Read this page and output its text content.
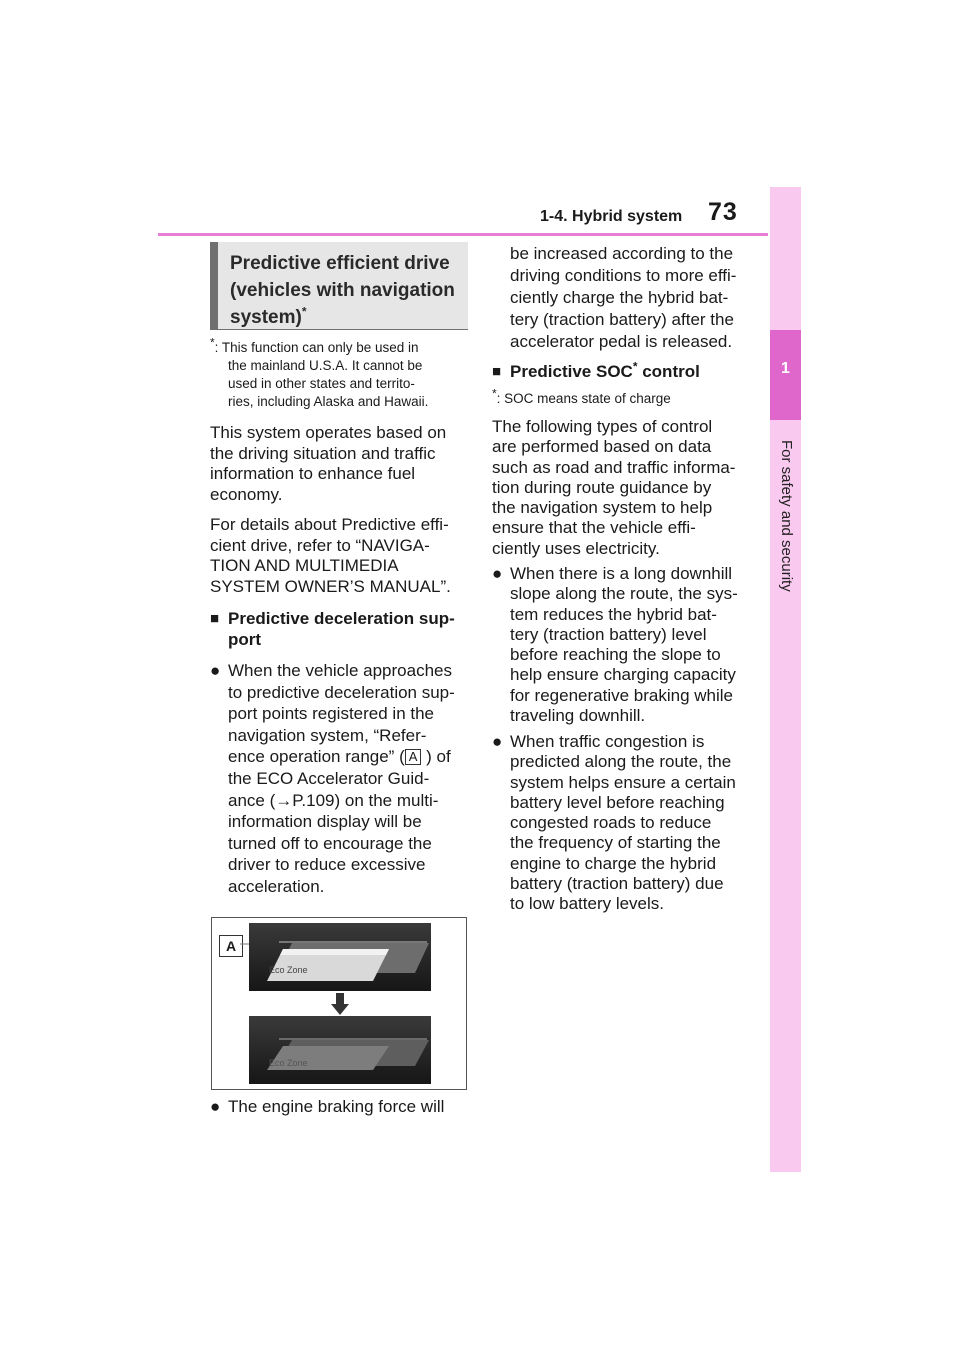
1-4. Hybrid system 73
1
For safety and security
Predictive efficient drive
(vehicles with navigation
system)*
*: This function can only be used in
the mainland U.S.A. It cannot be
used in other states and territo-
ries, including Alaska and Hawaii.
This system operates based on
the driving situation and traffic
information to enhance fuel
economy.
For details about Predictive effi-
cient drive, refer to “NAVIGA-
TION AND MULTIMEDIA
SYSTEM OWNER’S MANUAL”.
■ Predictive deceleration sup-
port
● When the vehicle approaches
to predictive deceleration sup-
port points registered in the
navigation system, “Refer-
ence operation range” ( A ) of
the ECO Accelerator Guid-
ance (→P.109) on the multi-
information display will be
turned off to encourage the
driver to reduce excessive
acceleration.
A
Eco Zone
Eco Zone
● The engine braking force will
be increased according to the
driving conditions to more effi-
ciently charge the hybrid bat-
tery (traction battery) after the
accelerator pedal is released.
■ Predictive SOC* control
*: SOC means state of charge
The following types of control
are performed based on data
such as road and traffic informa-
tion during route guidance by
the navigation system to help
ensure that the vehicle effi-
ciently uses electricity.
● When there is a long downhill
slope along the route, the sys-
tem reduces the hybrid bat-
tery (traction battery) level
before reaching the slope to
help ensure charging capacity
for regenerative braking while
traveling downhill.
● When traffic congestion is
predicted along the route, the
system helps ensure a certain
battery level before reaching
congested roads to reduce
the frequency of starting the
engine to charge the hybrid
battery (traction battery) due
to low battery levels.
